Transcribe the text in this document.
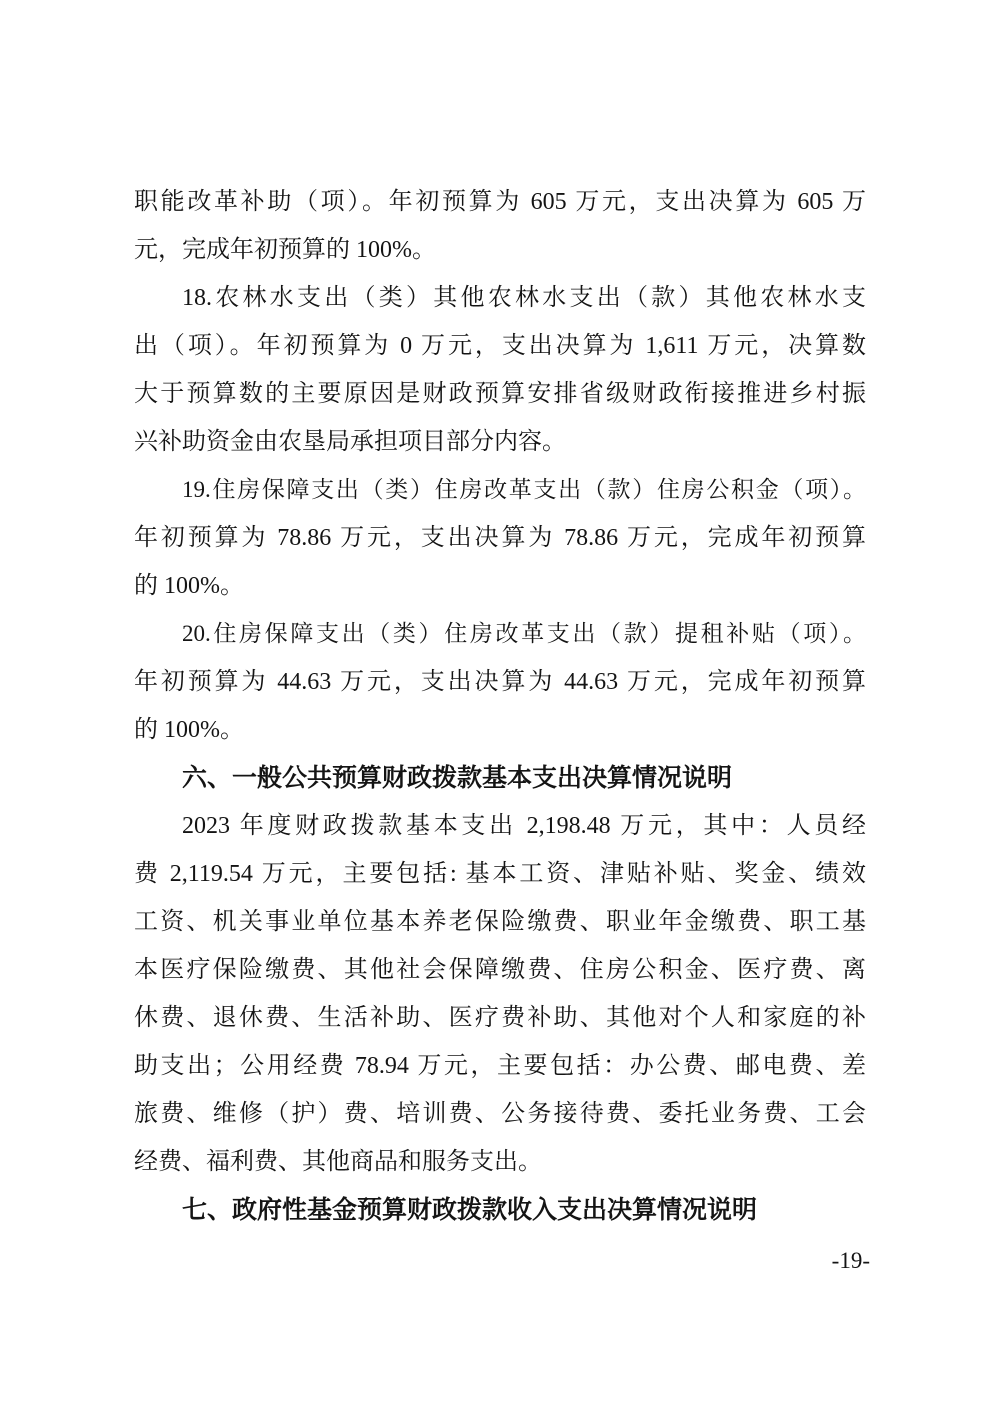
职能改革补助（项）。年初预算为 605 万元，支出决算为 605 万
元，完成年初预算的 100%。
18.农林水支出（类）其他农林水支出（款）其他农林水支
出（项）。年初预算为 0 万元，支出决算为 1,611 万元，决算数
大于预算数的主要原因是财政预算安排省级财政衔接推进乡村振
兴补助资金由农垦局承担项目部分内容。
19.住房保障支出（类）住房改革支出（款）住房公积金（项）。
年初预算为 78.86 万元，支出决算为 78.86 万元，完成年初预算
的 100%。
20.住房保障支出（类）住房改革支出（款）提租补贴（项）。
年初预算为 44.63 万元，支出决算为 44.63 万元，完成年初预算
的 100%。
六、一般公共预算财政拨款基本支出决算情况说明
2023 年度财政拨款基本支出 2,198.48 万元，其中：人员经
费 2,119.54 万元，主要包括: 基本工资、津贴补贴、奖金、绩效
工资、机关事业单位基本养老保险缴费、职业年金缴费、职工基
本医疗保险缴费、其他社会保障缴费、住房公积金、医疗费、离
休费、退休费、生活补助、医疗费补助、其他对个人和家庭的补
助支出；公用经费 78.94 万元，主要包括：办公费、邮电费、差
旅费、维修（护）费、培训费、公务接待费、委托业务费、工会
经费、福利费、其他商品和服务支出。
七、政府性基金预算财政拨款收入支出决算情况说明
-19-
